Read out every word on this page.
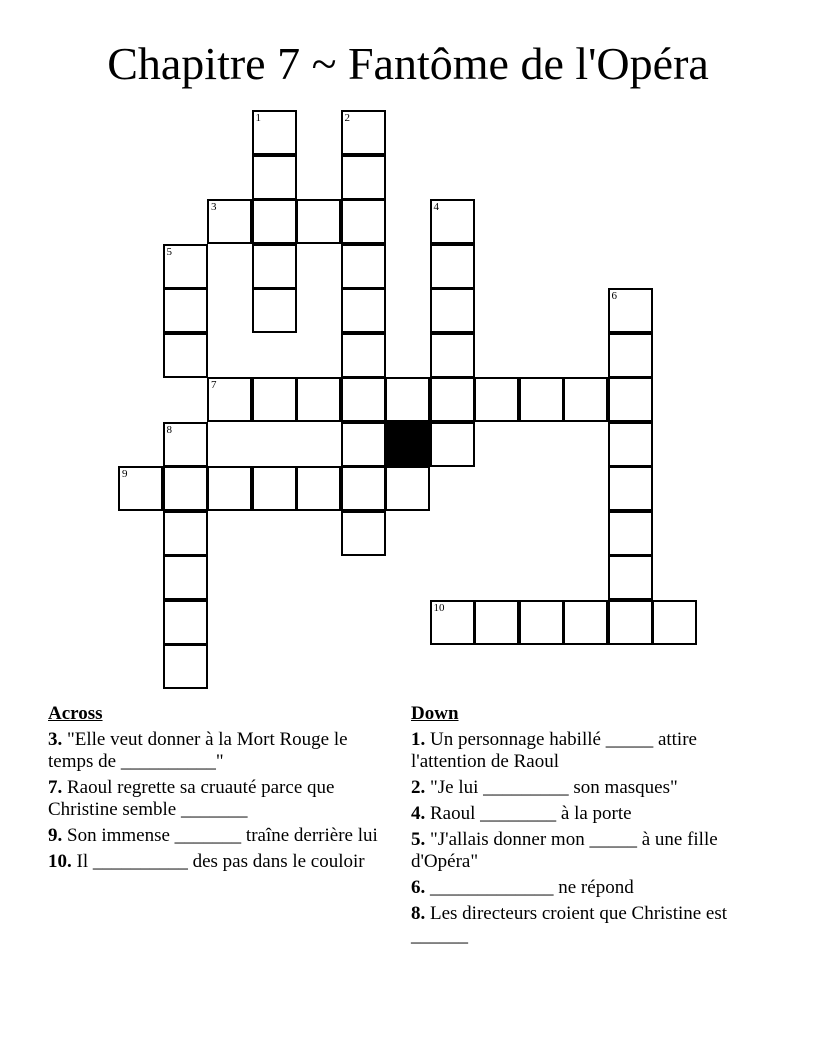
Chapitre 7 ~ Fantôme de l'Opéra
1	2
3	4
5
6
7
8
9
10
Across
3. "Elle veut donner à la Mort Rouge le temps de __________"
7. Raoul regrette sa cruauté parce que Christine semble _______
9. Son immense _______ traîne derrière lui
10. Il __________ des pas dans le couloir
Down
1. Un personnage habillé _____ attire l'attention de Raoul
2. "Je lui _________ son masques"
4. Raoul ________ à la porte
5. "J'allais donner mon _____ à une fille d'Opéra"
6. _____________ ne répond
8. Les directeurs croient que Christine est ______
